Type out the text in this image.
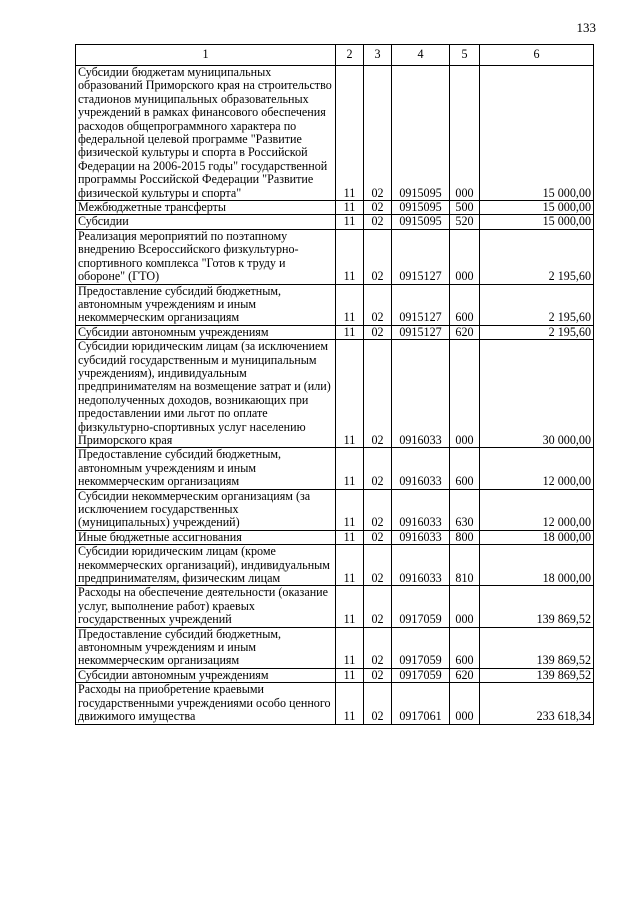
133
1	2	3	4	5	6
Субсидии бюджетам муниципальных образований Приморского края на строительство стадионов муниципальных образовательных учреждений в рамках финансового обеспечения расходов общепрограммного характера по федеральной целевой программе "Развитие физической культуры и спорта в Российской Федерации на 2006-2015 годы" государственной программы Российской Федерации "Развитие физической культуры и спорта"	11	02	0915095	000	15 000,00
Межбюджетные трансферты	11	02	0915095	500	15 000,00
Субсидии	11	02	0915095	520	15 000,00
Реализация мероприятий по поэтапному внедрению Всероссийского физкультурно-спортивного комплекса "Готов к труду и обороне" (ГТО)	11	02	0915127	000	2 195,60
Предоставление субсидий бюджетным, автономным учреждениям и иным некоммерческим организациям	11	02	0915127	600	2 195,60
Субсидии автономным учреждениям	11	02	0915127	620	2 195,60
Субсидии юридическим лицам (за исключением субсидий государственным и муниципальным учреждениям), индивидуальным предпринимателям на возмещение затрат и (или) недополученных доходов, возникающих при предоставлении ими льгот по оплате физкультурно-спортивных услуг населению Приморского края	11	02	0916033	000	30 000,00
Предоставление субсидий бюджетным, автономным учреждениям и иным некоммерческим организациям	11	02	0916033	600	12 000,00
Субсидии некоммерческим организациям (за исключением государственных (муниципальных) учреждений)	11	02	0916033	630	12 000,00
Иные бюджетные ассигнования	11	02	0916033	800	18 000,00
Субсидии юридическим лицам (кроме некоммерческих организаций), индивидуальным предпринимателям, физическим лицам	11	02	0916033	810	18 000,00
Расходы на обеспечение деятельности (оказание услуг, выполнение работ) краевых государственных учреждений	11	02	0917059	000	139 869,52
Предоставление субсидий бюджетным, автономным учреждениям и иным некоммерческим организациям	11	02	0917059	600	139 869,52
Субсидии автономным учреждениям	11	02	0917059	620	139 869,52
Расходы на приобретение краевыми государственными учреждениями особо ценного движимого имущества	11	02	0917061	000	233 618,34
